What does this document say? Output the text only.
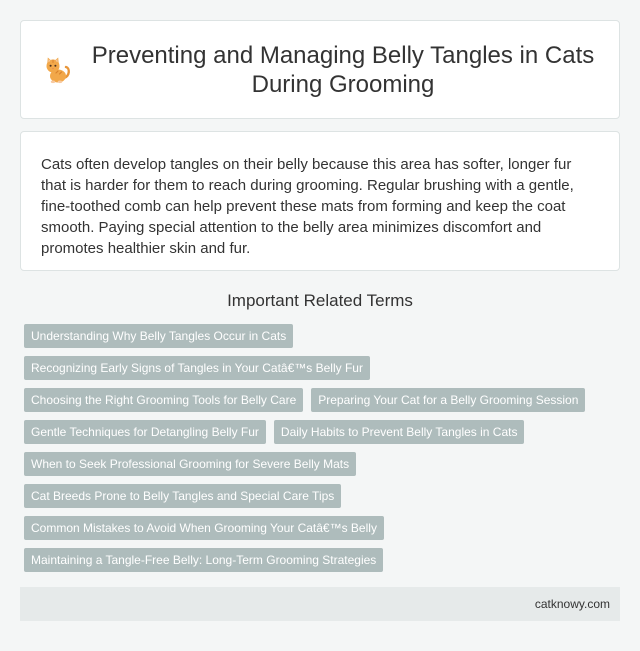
Preventing and Managing Belly Tangles in Cats During Grooming

Cats often develop tangles on their belly because this area has softer, longer fur that is harder for them to reach during grooming. Regular brushing with a gentle, fine-toothed comb can help prevent these mats from forming and keep the coat smooth. Paying special attention to the belly area minimizes discomfort and promotes healthier skin and fur.

Important Related Terms
Understanding Why Belly Tangles Occur in Cats
Recognizing Early Signs of Tangles in Your Catâ€™s Belly Fur
Choosing the Right Grooming Tools for Belly Care	Preparing Your Cat for a Belly Grooming Session
Gentle Techniques for Detangling Belly Fur	Daily Habits to Prevent Belly Tangles in Cats
When to Seek Professional Grooming for Severe Belly Mats
Cat Breeds Prone to Belly Tangles and Special Care Tips
Common Mistakes to Avoid When Grooming Your Catâ€™s Belly
Maintaining a Tangle-Free Belly: Long-Term Grooming Strategies
catknowy.com
